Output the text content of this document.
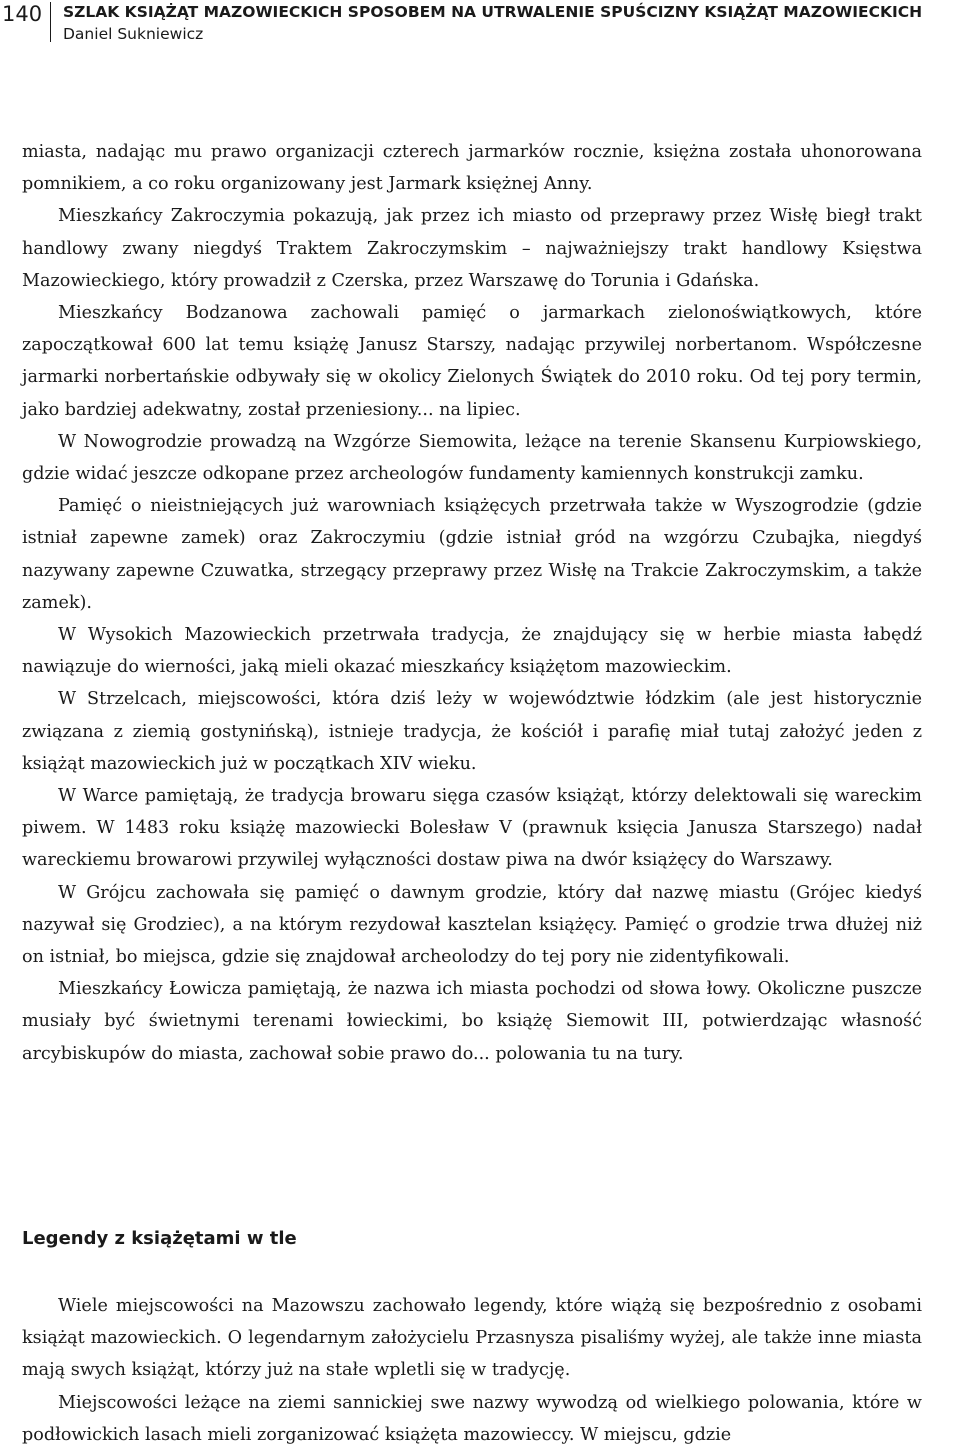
140 SZLAK KSIĄŻĄT MAZOWIECKICH SPOSOBEM NA UTRWALENIE SPUŚCIZNY KSIĄŻĄT MAZOWIECKICH
Daniel Sukniewicz

miasta, nadając mu prawo organizacji czterech jarmarków rocznie, księżna została uhonorowana pomnikiem, a co roku organizowany jest Jarmark księżnej Anny.

Mieszkańcy Zakroczymia pokazują, jak przez ich miasto od przeprawy przez Wisłę biegł trakt handlowy zwany niegdyś Traktem Zakroczymskim – najważniejszy trakt handlowy Księstwa Mazowieckiego, który prowadził z Czerska, przez Warszawę do Torunia i Gdańska.

Mieszkańcy Bodzanowa zachowali pamięć o jarmarkach zielonoświątkowych, które zapoczątkował 600 lat temu książę Janusz Starszy, nadając przywilej norbertanom. Współczesne jarmarki norbertańskie odbywały się w okolicy Zielonych Świątek do 2010 roku. Od tej pory termin, jako bardziej adekwatny, został przeniesiony... na lipiec.

W Nowogrodzie prowadzą na Wzgórze Siemowita, leżące na terenie Skansenu Kurpiowskiego, gdzie widać jeszcze odkopane przez archeologów fundamenty kamiennych konstrukcji zamku.

Pamięć o nieistniejących już warowniach książęcych przetrwała także w Wyszogrodzie (gdzie istniał zapewne zamek) oraz Zakroczymiu (gdzie istniał gród na wzgórzu Czubajka, niegdyś nazywany zapewne Czuwatka, strzegący przeprawy przez Wisłę na Trakcie Zakroczymskim, a także zamek).

W Wysokich Mazowieckich przetrwała tradycja, że znajdujący się w herbie miasta łabędź nawiązuje do wierności, jaką mieli okazać mieszkańcy książętom mazowieckim.

W Strzelcach, miejscowości, która dziś leży w województwie łódzkim (ale jest historycznie związana z ziemią gostynińską), istnieje tradycja, że kościół i parafię miał tutaj założyć jeden z książąt mazowieckich już w początkach XIV wieku.

W Warce pamiętają, że tradycja browaru sięga czasów książąt, którzy delektowali się wareckim piwem. W 1483 roku książę mazowiecki Bolesław V (prawnuk księcia Janusza Starszego) nadał wareckiemu browarowi przywilej wyłączności dostaw piwa na dwór książęcy do Warszawy.

W Grójcu zachowała się pamięć o dawnym grodzie, który dał nazwę miastu (Grójec kiedyś nazywał się Grodziec), a na którym rezydował kasztelan książęcy. Pamięć o grodzie trwa dłużej niż on istniał, bo miejsca, gdzie się znajdował archeolodzy do tej pory nie zidentyfikowali.

Mieszkańcy Łowicza pamiętają, że nazwa ich miasta pochodzi od słowa łowy. Okoliczne puszcze musiały być świetnymi terenami łowieckimi, bo książę Siemowit III, potwierdzając własność arcybiskupów do miasta, zachował sobie prawo do... polowania tu na tury.

Legendy z książętami w tle

Wiele miejscowości na Mazowszu zachowało legendy, które wiążą się bezpośrednio z osobami książąt mazowieckich. O legendarnym założycielu Przasnysza pisaliśmy wyżej, ale także inne miasta mają swych książąt, którzy już na stałe wpletli się w tradycję.

Miejscowości leżące na ziemi sannickiej swe nazwy wywodzą od wielkiego polowania, które w podłowickich lasach mieli zorganizować książęta mazowieccy. W miejscu, gdzie
